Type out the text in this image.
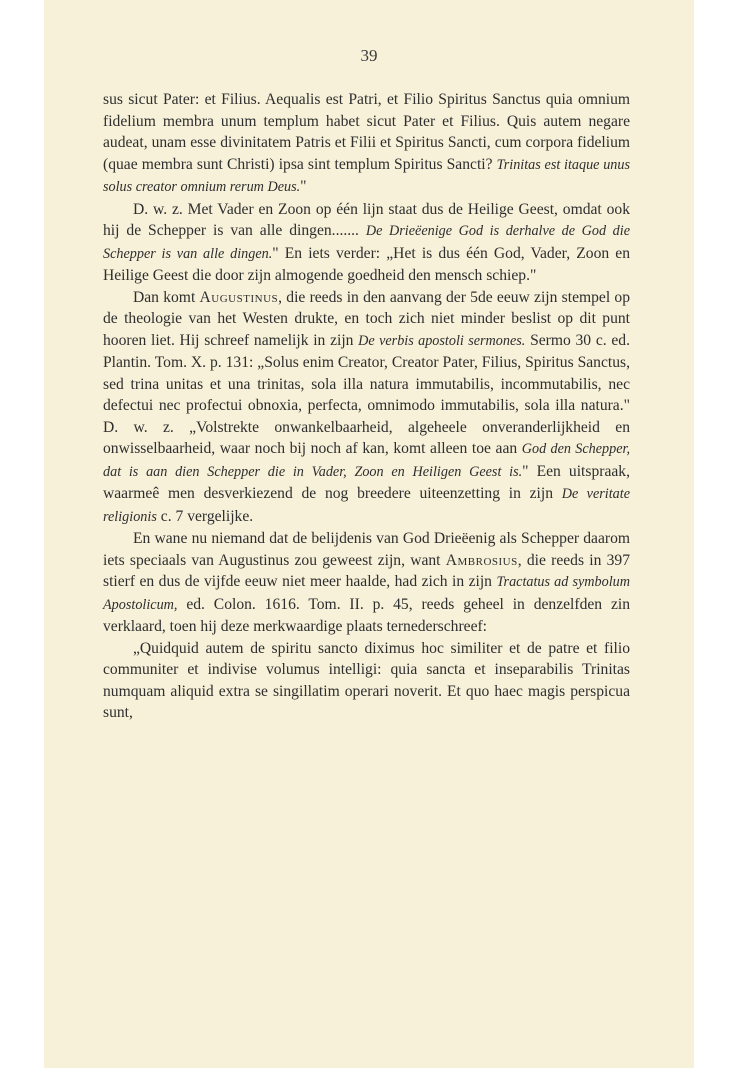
39

sus sicut Pater: et Filius. Aequalis est Patri, et Filio Spiritus Sanctus quia omnium fidelium membra unum templum habet sicut Pater et Filius. Quis autem negare audeat, unam esse divinitatem Patris et Filii et Spiritus Sancti, cum corpora fidelium (quae membra sunt Christi) ipsa sint templum Spiritus Sancti? Trinitas est itaque unus solus creator omnium rerum Deus."

D. w. z. Met Vader en Zoon op één lijn staat dus de Heilige Geest, omdat ook hij de Schepper is van alle dingen....... De Drieëenige God is derhalve de God die Schepper is van alle dingen." En iets verder: „Het is dus één God, Vader, Zoon en Heilige Geest die door zijn almogende goedheid den mensch schiep."

Dan komt Augustinus, die reeds in den aanvang der 5de eeuw zijn stempel op de theologie van het Westen drukte, en toch zich niet minder beslist op dit punt hooren liet. Hij schreef namelijk in zijn De verbis apostoli sermones. Sermo 30 c. ed. Plantin. Tom. X. p. 131: „Solus enim Creator, Creator Pater, Filius, Spiritus Sanctus, sed trina unitas et una trinitas, sola illa natura immutabilis, incommutabilis, nec defectui nec profectui obnoxia, perfecta, omnimodo immutabilis, sola illa natura." D. w. z. „Volstrekte onwankelbaarheid, algeheele onveranderlijkheid en onwisselbaarheid, waar noch bij noch af kan, komt alleen toe aan God den Schepper, dat is aan dien Schepper die in Vader, Zoon en Heiligen Geest is." Een uitspraak, waarmeê men desverkiezend de nog breedere uiteenzetting in zijn De veritate religionis c. 7 vergelijke.

En wane nu niemand dat de belijdenis van God Drieëenig als Schepper daarom iets speciaals van Augustinus zou geweest zijn, want Ambrosius, die reeds in 397 stierf en dus de vijfde eeuw niet meer haalde, had zich in zijn Tractatus ad symbolum Apostolicum, ed. Colon. 1616. Tom. II. p. 45, reeds geheel in denzelfden zin verklaard, toen hij deze merkwaardige plaats ternederschreef:

„Quidquid autem de spiritu sancto diximus hoc similiter et de patre et filio communiter et indivise volumus intelligi: quia sancta et inseparabilis Trinitas numquam aliquid extra se singillatim operari noverit. Et quo haec magis perspicua sunt,
